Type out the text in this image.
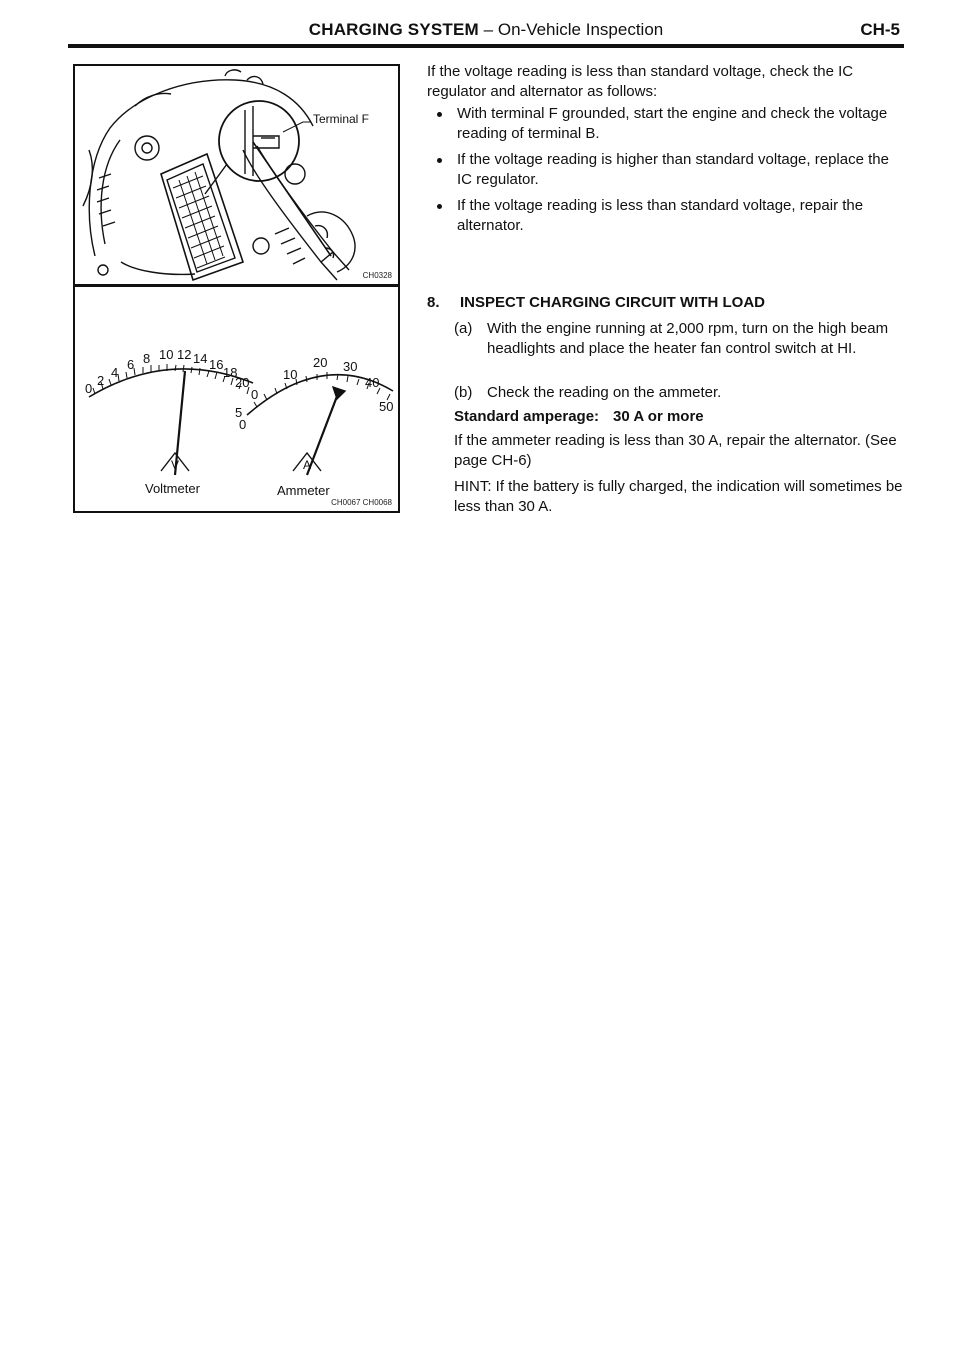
CHARGING SYSTEM – On-Vehicle Inspection	CH-5
Terminal F
CH0328
0
2
4
6 8 10 12 14 16
18
20
0
10
20 30
40
50
5
0
V	A
Voltmeter	Ammeter
CH0067 CH0068

If the voltage reading is less than standard voltage, check the IC regulator and alternator as follows:

With terminal F grounded, start the engine and check the voltage reading of terminal B.
If the voltage reading is higher than standard voltage, replace the IC regulator.
If the voltage reading is less than standard voltage, repair the alternator.
8. INSPECT CHARGING CIRCUIT WITH LOAD
(a) With the engine running at 2,000 rpm, turn on the high beam headlights and place the heater fan control switch at HI.
(b) Check the reading on the ammeter.
Standard amperage: 30 A or more
If the ammeter reading is less than 30 A, repair the alternator. (See page CH-6)
HINT: If the battery is fully charged, the indication will sometimes be less than 30 A.
